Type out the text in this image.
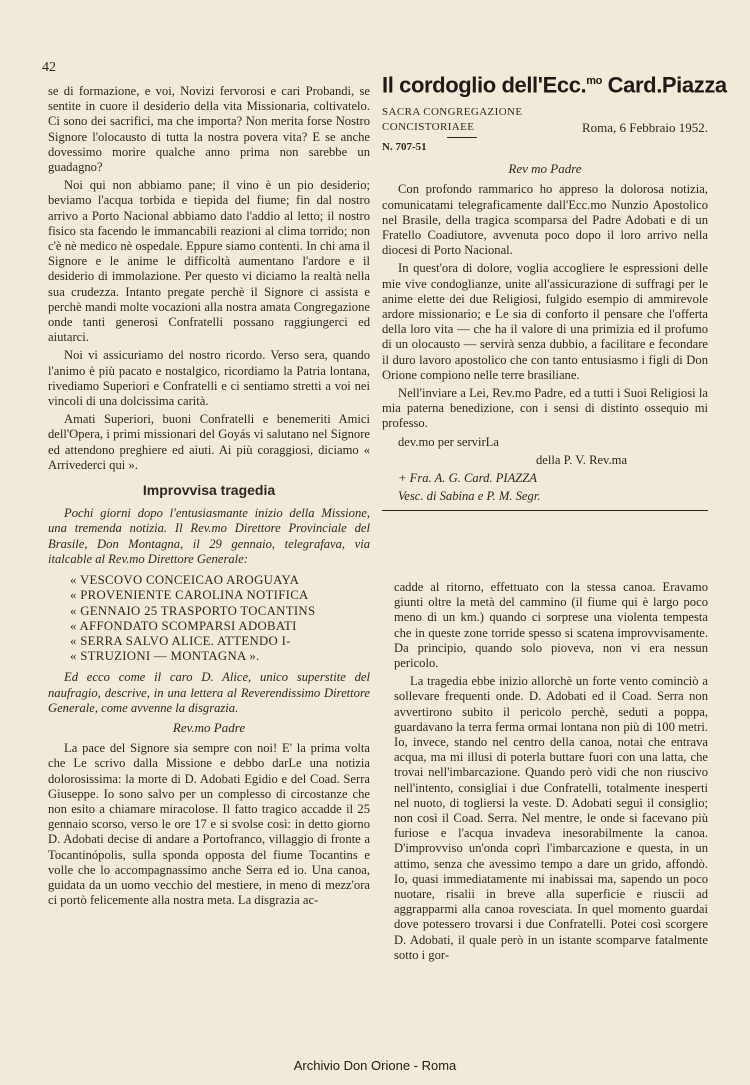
42

se di formazione, e voi, Novizi fervorosi e cari Probandi, se sentite in cuore il desiderio della vita Missionaria, coltivatelo. Ci sono dei sacrifici, ma che importa? Non merita forse Nostro Signore l'olocausto di tutta la nostra povera vita? E se anche dovessimo morire qualche anno prima non sarebbe un guadagno?

Noi qui non abbiamo pane; il vino è un pio desiderio; beviamo l'acqua torbida e tiepida del fiume; fin dal nostro arrivo a Porto Nacional abbiamo dato l'addio al letto; il nostro fisico sta facendo le immancabili reazioni al clima torrido; non c'è nè medico nè ospedale. Eppure siamo contenti. In chi ama il Signore e le anime le difficoltà aumentano l'ardore e il desiderio di immolazione. Per questo vi diciamo la realtà nella sua crudezza. Intanto pregate perchè il Signore ci assista e perchè mandi molte vocazioni alla nostra amata Congregazione onde tanti generosi Confratelli possano raggiungerci ed aiutarci.

Noi vi assicuriamo del nostro ricordo. Verso sera, quando l'animo è più pacato e nostalgico, ricordiamo la Patria lontana, rivediamo Superiori e Confratelli e ci sentiamo stretti a voi nei vincoli di una dolcissima carità.

Amati Superiori, buoni Confratelli e benemeriti Amici dell'Opera, i primi missionari del Goyás vi salutano nel Signore ed attendono preghiere ed aiuti. Ai più coraggiosi, diciamo « Arrivederci qui ».

Improvvisa tragedia

Pochi giorni dopo l'entusiasmante inizio della Missione, una tremenda notizia. Il Rev.mo Direttore Provinciale del Brasile, Don Montagna, il 29 gennaio, telegrafava, via italcable al Rev.mo Direttore Generale:

« VESCOVO CONCEICAO AROGUAYA
« PROVENIENTE CAROLINA NOTIFICA
« GENNAIO 25 TRASPORTO TOCANTINS
« AFFONDATO SCOMPARSI ADOBATI
« SERRA SALVO ALICE. ATTENDO I-
« STRUZIONI — MONTAGNA ».

Ed ecco come il caro D. Alice, unico superstite del naufragio, descrive, in una lettera al Reverendissimo Direttore Generale, come avvenne la disgrazia.

Rev.mo Padre

La pace del Signore sia sempre con noi! E' la prima volta che Le scrivo dalla Missione e debbo darLe una notizia dolorosissima: la morte di D. Adobati Egidio e del Coad. Serra Giuseppe. Io sono salvo per un complesso di circostanze che non esito a chiamare miracolose. Il fatto tragico accadde il 25 gennaio scorso, verso le ore 17 e si svolse così: in detto giorno D. Adobati decise di andare a Portofranco, villaggio di fronte a Tocantinópolis, sulla sponda opposta del fiume Tocantins e volle che lo accompagnassimo anche Serra ed io. Una canoa, guidata da un uomo vecchio del mestiere, in meno di mezz'ora ci portò felicemente alla nostra meta. La disgrazia ac-

Il cordoglio dell'Ecc.$^{mo}$ Card.Piazza
SACRA CONGREGAZIONE
CONCISTORIAEE	Roma, 6 Febbraio 1952.
N. 707-51
Rev mo Padre

Con profondo rammarico ho appreso la dolorosa notizia, comunicatami telegraficamente dall'Ecc.mo Nunzio Apostolico nel Brasile, della tragica scomparsa del Padre Adobati e di un Fratello Coadiutore, avvenuta poco dopo il loro arrivo nella diocesi di Porto Nacional.

In quest'ora di dolore, voglia accogliere le espressioni delle mie vive condoglianze, unite all'assicurazione di suffragi per le anime elette dei due Religiosi, fulgido esempio di ammirevole ardore missionario; e Le sia di conforto il pensare che l'offerta della loro vita — che ha il valore di una primizia ed il profumo di un olocausto — servirà senza dubbio, a facilitare e fecondare il duro lavoro apostolico che con tanto entusiasmo i figli di Don Orione compiono nelle terre brasiliane.

Nell'inviare a Lei, Rev.mo Padre, ed a tutti i Suoi Religiosi la mia paterna benedizione, con i sensi di distinto ossequio mi professo.

dev.mo per servirLa

della P. V. Rev.ma

+ Fra. A. G. Card. PIAZZA

Vesc. di Sabina e P. M. Segr.

cadde al ritorno, effettuato con la stessa canoa. Eravamo giunti oltre la metà del cammino (il fiume qui è largo poco meno di un km.) quando ci sorprese una violenta tempesta che in queste zone torride spesso si scatena improvvisamente. Da principio, quando solo pioveva, non vi era nessun pericolo.

La tragedia ebbe inizio allorchè un forte vento cominciò a sollevare frequenti onde. D. Adobati ed il Coad. Serra non avvertirono subito il pericolo perchè, seduti a poppa, guardavano la terra ferma ormai lontana non più di 100 metri. Io, invece, stando nel centro della canoa, notai che entrava acqua, ma mi illusi di poterla buttare fuori con una latta, che trovai nell'imbarcazione. Quando però vidi che non riuscivo nell'intento, consigliai i due Confratelli, totalmente inesperti nel nuoto, di togliersi la veste. D. Adobati seguì il consiglio; non così il Coad. Serra. Nel mentre, le onde si facevano più furiose e l'acqua invadeva inesorabilmente la canoa. D'improvviso un'onda coprì l'imbarcazione e questa, in un attimo, senza che avessimo tempo a dare un grido, affondò. Io, quasi immediatamente mi inabissai ma, sapendo un poco nuotare, risalii in breve alla superficie e riuscii ad aggrapparmi alla canoa rovesciata. In quel momento guardai dove potessero trovarsi i due Confratelli. Potei così scorgere D. Adobati, il quale però in un istante scomparve fatalmente sotto i gor-

Archivio Don Orione - Roma
